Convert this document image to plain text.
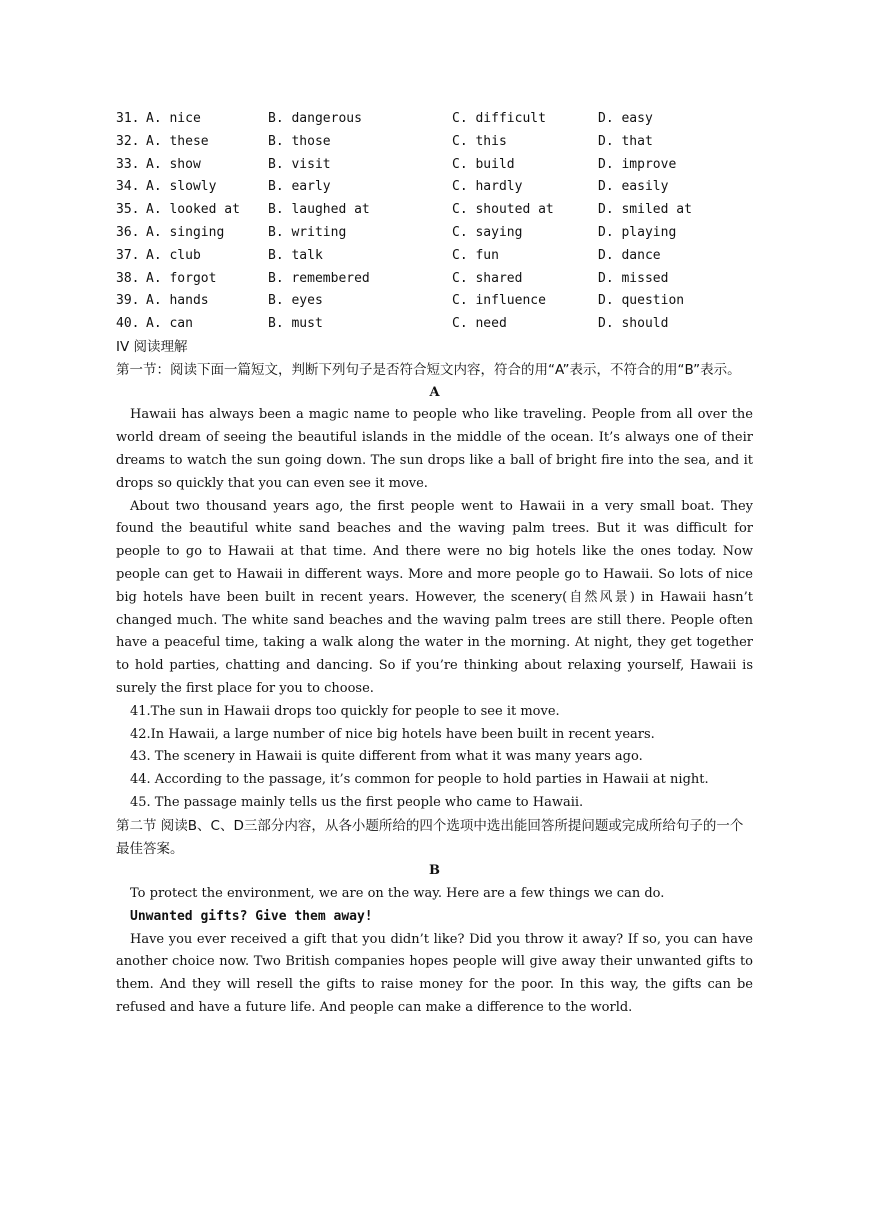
31. A. nice	B. dangerous	C. difficult	D. easy
32. A. these	B. those	C. this	D. that
33. A. show	B. visit	C. build	D. improve
34. A. slowly	B. early	C. hardly	D. easily
35. A. looked at	B. laughed at	C. shouted at	D. smiled at
36. A. singing	B. writing	C. saying	D. playing
37. A. club	B. talk	C. fun	D. dance
38. A. forgot	B. remembered	C. shared	D. missed
39. A. hands	B. eyes	C. influence	D. question
40. A. can	B. must	C. need	D. should
IV 阅读理解
第一节：阅读下面一篇短文，判断下列句子是否符合短文内容，符合的用“A”表示，不符合的用“B”表示。
A

Hawaii has always been a magic name to people who like traveling. People from all over the world dream of seeing the beautiful islands in the middle of the ocean. It’s always one of their dreams to watch the sun going down. The sun drops like a ball of bright fire into the sea, and it drops so quickly that you can even see it move.

About two thousand years ago, the first people went to Hawaii in a very small boat. They found the beautiful white sand beaches and the waving palm trees. But it was difficult for people to go to Hawaii at that time. And there were no big hotels like the ones today. Now people can get to Hawaii in different ways. More and more people go to Hawaii. So lots of nice big hotels have been built in recent years. However, the scenery(自然风景) in Hawaii hasn’t changed much. The white sand beaches and the waving palm trees are still there. People often have a peaceful time, taking a walk along the water in the morning. At night, they get together to hold parties, chatting and dancing. So if you’re thinking about relaxing yourself, Hawaii is surely the first place for you to choose.

41.The sun in Hawaii drops too quickly for people to see it move.

42.In Hawaii, a large number of nice big hotels have been built in recent years.

43. The scenery in Hawaii is quite different from what it was many years ago.

44. According to the passage, it’s common for people to hold parties in Hawaii at night.

45. The passage mainly tells us the first people who came to Hawaii.

第二节 阅读B、C、D三部分内容，从各小题所给的四个选项中选出能回答所提问题或完成所给句子的一个最佳答案。
B

To protect the environment, we are on the way. Here are a few things we can do.

Unwanted gifts? Give them away!

Have you ever received a gift that you didn’t like? Did you throw it away? If so, you can have another choice now. Two British companies hopes people will give away their unwanted gifts to them. And they will resell the gifts to raise money for the poor. In this way, the gifts can be refused and have a future life. And people can make a difference to the world.
